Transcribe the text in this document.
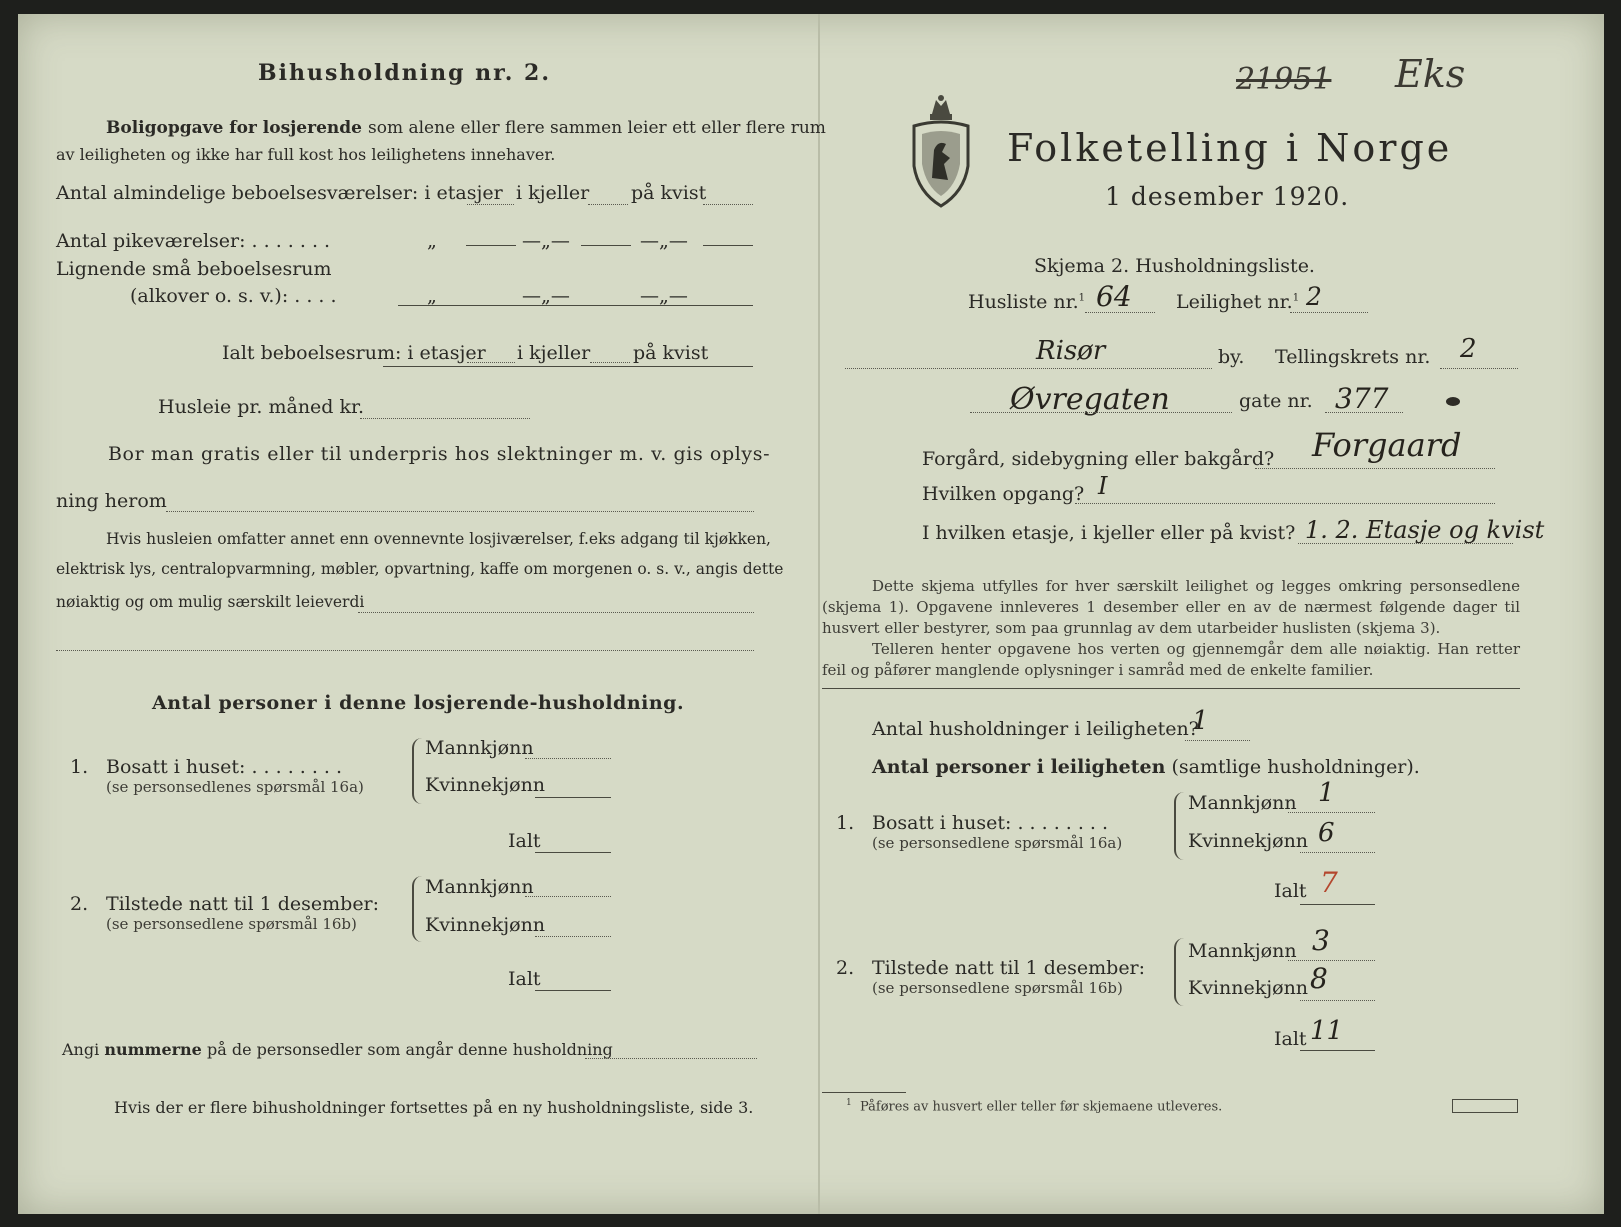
Bihusholdning nr. 2.
Boligopgave for losjerende som alene eller flere sammen leier ett eller flere rum
av leiligheten og ikke har full kost hos leilighetens innehaver.
Antal almindelige beboelsesværelser: i etasjer i kjeller på kvist
Antal pikeværelser: . . . . . . .	„	—„—	—„—
Lignende små beboelsesrum
(alkover o. s. v.): . . . .	„	—„—	—„—
Ialt beboelsesrum: i etasjer i kjeller på kvist
Husleie pr. måned kr.
Bor man gratis eller til underpris hos slektninger m. v. gis oplys-
ning herom
Hvis husleien omfatter annet enn ovennevnte losjiværelser, f.eks adgang til kjøkken,
elektrisk lys, centralopvarmning, møbler, opvartning, kaffe om morgenen o. s. v., angis dette
nøiaktig og om mulig særskilt leieverdi
Antal personer i denne losjerende-husholdning.
1. Bosatt i huset: . . . . . . . .
(se personsedlenes spørsmål 16a)
Mannkjønn
Kvinnekjønn
Ialt
2. Tilstede natt til 1 desember:
(se personsedlene spørsmål 16b)
Mannkjønn
Kvinnekjønn
Ialt
Angi nummerne på de personsedler som angår denne husholdning
Hvis der er flere bihusholdninger fortsettes på en ny husholdningsliste, side 3.
21951 Eks
Folketelling i Norge
1 desember 1920.
Skjema 2. Husholdningsliste.
Husliste nr.$^1$ 64 Leilighet nr.$^1$ 2
Risør	by. Tellingskrets nr. 2
Øvregaten	gate nr. 377
Forgård, sidebygning eller bakgård? Forgaard
Hvilken opgang? I
I hvilken etasje, i kjeller eller på kvist? 1. 2. Etasje og kvist
Dette skjema utfylles for hver særskilt leilighet og legges omkring personsedlene (skjema 1). Opgavene innleveres 1 desember eller en av de nærmest følgende dager til husvert eller bestyrer, som paa grunnlag av dem utarbeider huslisten (skjema 3).
Telleren henter opgavene hos verten og gjennemgår dem alle nøiaktig. Han retter feil og påfører manglende oplysninger i samråd med de enkelte familier.
Antal husholdninger i leiligheten?
1
Antal personer i leiligheten (samtlige husholdninger).
1. Bosatt i huset: . . . . . . . .
(se personsedlene spørsmål 16a)
Mannkjønn 1
Kvinnekjønn 6
Ialt 7
2. Tilstede natt til 1 desember:
(se personsedlene spørsmål 16b)
Mannkjønn 3
Kvinnekjønn 8
Ialt 11
$^1$ Påføres av husvert eller teller før skjemaene utleveres.
